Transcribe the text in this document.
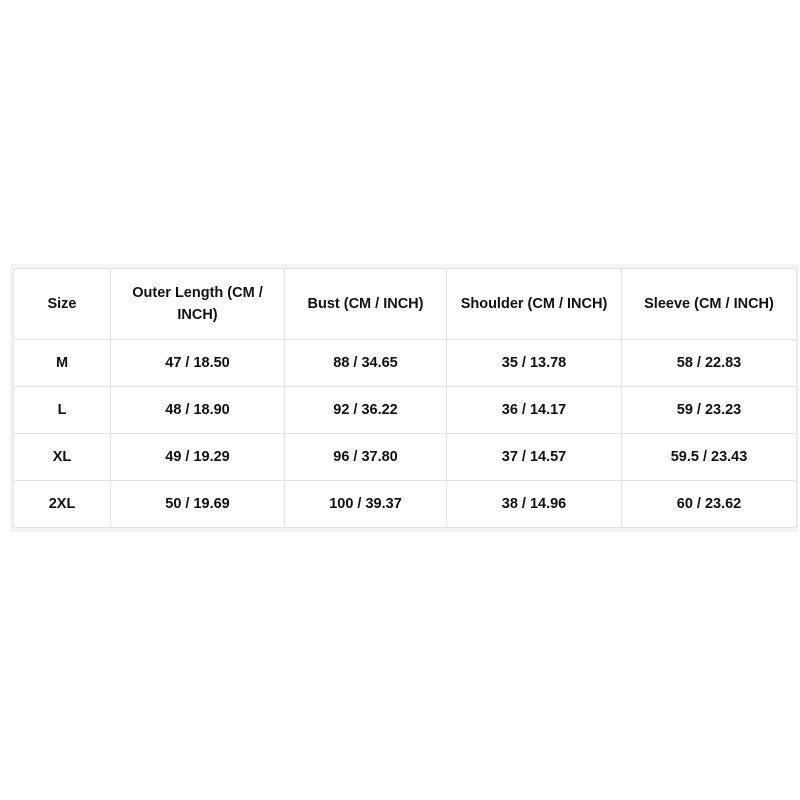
Size	Outer Length (CM / INCH)	Bust (CM / INCH)	Shoulder (CM / INCH)	Sleeve (CM / INCH)
M	47 / 18.50	88 / 34.65	35 / 13.78	58 / 22.83
L	48 / 18.90	92 / 36.22	36 / 14.17	59 / 23.23
XL	49 / 19.29	96 / 37.80	37 / 14.57	59.5 / 23.43
2XL	50 / 19.69	100 / 39.37	38 / 14.96	60 / 23.62
